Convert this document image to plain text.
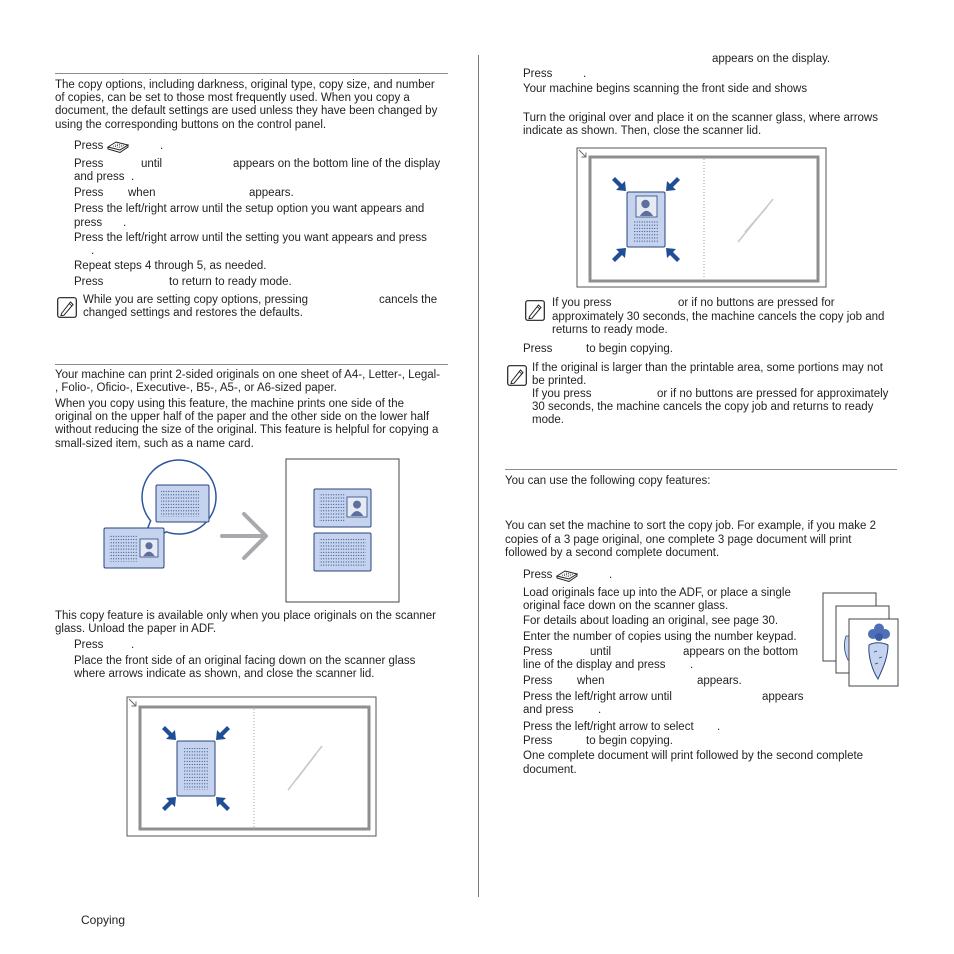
The copy options, including darkness, original type, copy size, and number
of copies, can be set to those most frequently used. When you copy a
document, the default settings are used unless they have been changed by
using the corresponding buttons on the control panel.
Press	.
Press	until	appears on the bottom line of the display
and press .
Press when	appears.
Press the left/right arrow until the setup option you want appears and
press .
Press the left/right arrow until the setting you want appears and press
.
Repeat steps 4 through 5, as needed.
Press	to return to ready mode.
While you are setting copy options, pressing	cancels the
changed settings and restores the defaults.
Your machine can print 2-sided originals on one sheet of A4-, Letter-, Legal-
, Folio-, Oficio-, Executive-, B5-, A5-, or A6-sized paper.
When you copy using this feature, the machine prints one side of the
original on the upper half of the paper and the other side on the lower half
without reducing the size of the original. This feature is helpful for copying a
small-sized item, such as a name card.
This copy feature is available only when you place originals on the scanner
glass. Unload the paper in ADF.
Press .
Place the front side of an original facing down on the scanner glass
where arrows indicate as shown, and close the scanner lid.
Copying
appears on the display.
Press	.
Your machine begins scanning the front side and shows
Turn the original over and place it on the scanner glass, where arrows
indicate as shown. Then, close the scanner lid.
If you press	or if no buttons are pressed for
approximately 30 seconds, the machine cancels the copy job and
returns to ready mode.
Press	to begin copying.
If the original is larger than the printable area, some portions may not
be printed.
If you press	or if no buttons are pressed for approximately
30 seconds, the machine cancels the copy job and returns to ready
mode.
You can use the following copy features:
You can set the machine to sort the copy job. For example, if you make 2
copies of a 3 page original, one complete 3 page document will print
followed by a second complete document.
Press	.
Load originals face up into the ADF, or place a single
original face down on the scanner glass.
For details about loading an original, see page 30.
Enter the number of copies using the number keypad.
Press	until	appears on the bottom
line of the display and press .
Press when	appears.
Press the left/right arrow until	appears
and press .
Press the left/right arrow to select .
Press	to begin copying.
One complete document will print followed by the second complete
document.
